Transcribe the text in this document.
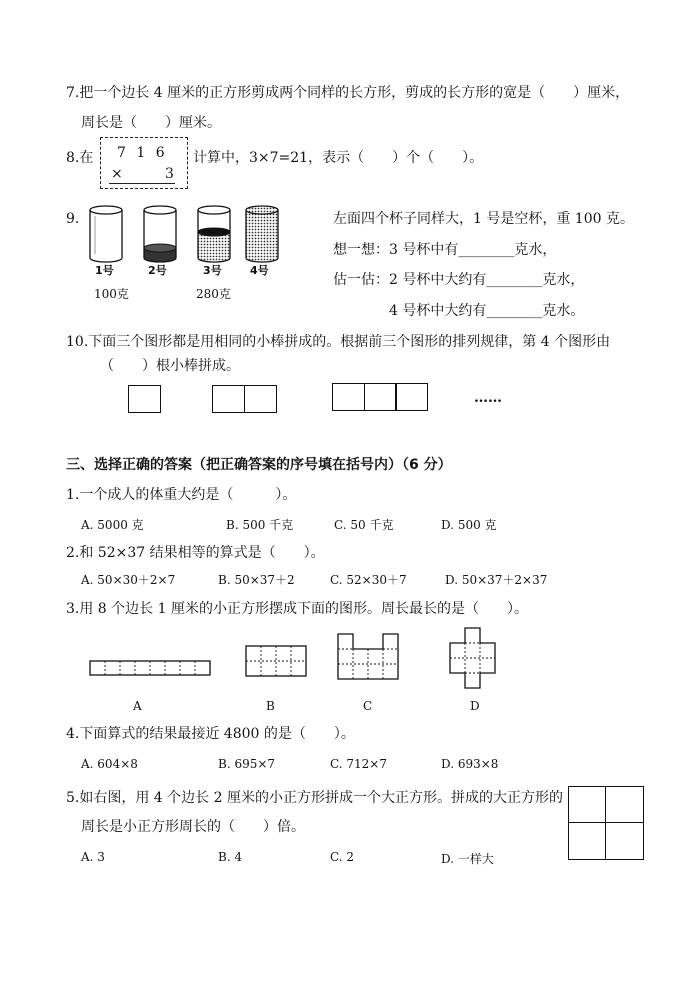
7.把一个边长 4 厘米的正方形剪成两个同样的长方形，剪成的长方形的宽是（　　）厘米，
周长是（　　）厘米。
8.在 7 1 6
×	3
计算中，3×7=21，表示（　　）个（　　）。
9.
1号	2号	3号	4号
100克	280克
左面四个杯子同样大，1 号是空杯，重 100 克。
想一想：3 号杯中有________克水，
估一估：2 号杯中大约有________克水，
4 号杯中大约有________克水。
10.下面三个图形都是用相同的小棒拼成的。根据前三个图形的排列规律，第 4 个图形由
（　　）根小棒拼成。
……
三、选择正确的答案（把正确答案的序号填在括号内）（6 分）
1.一个成人的体重大约是（　　　）。
A. 5000 克	B. 500 千克	C. 50 千克	D. 500 克
2.和 52×37 结果相等的算式是（　　）。
A. 50×30＋2×7	B. 50×37＋2	C. 52×30＋7	D. 50×37＋2×37
3.用 8 个边长 1 厘米的小正方形摆成下面的图形。周长最长的是（　　）。
A	B	C	D
4.下面算式的结果最接近 4800 的是（　　）。
A. 604×8	B. 695×7	C. 712×7	D. 693×8
5.如右图，用 4 个边长 2 厘米的小正方形拼成一个大正方形。拼成的大正方形的
周长是小正方形周长的（　　）倍。
A. 3	B. 4	C. 2	D. 一样大
